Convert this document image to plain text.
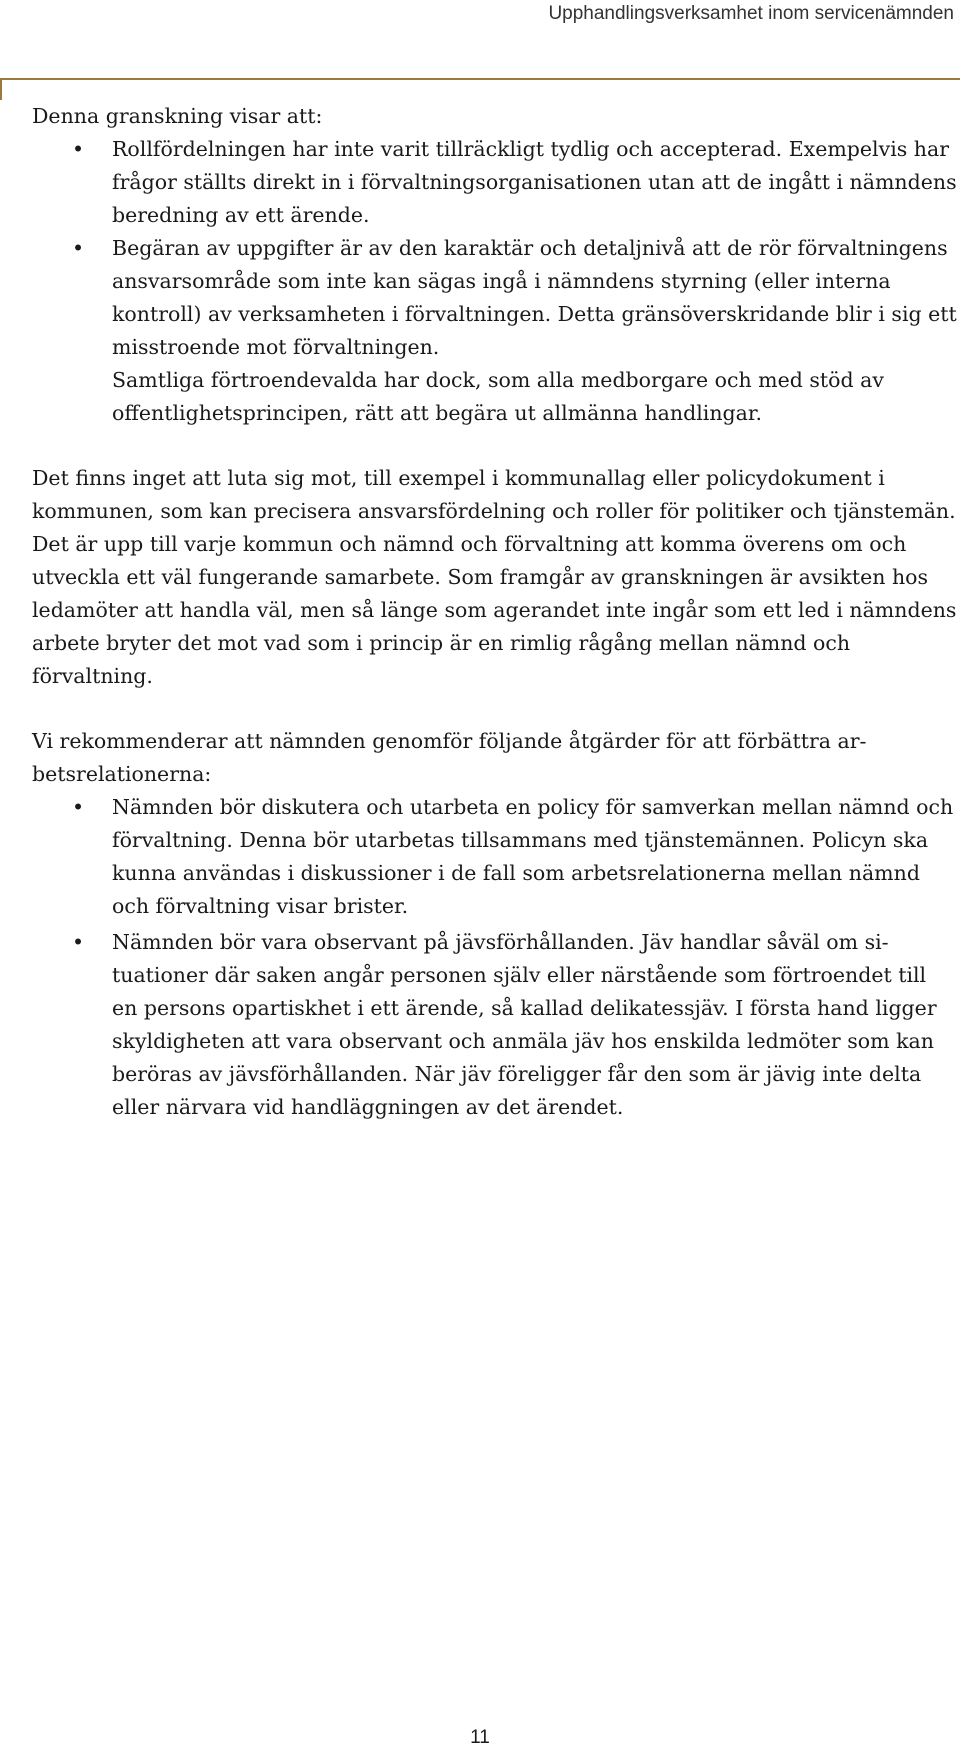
Upphandlingsverksamhet inom servicenämnden

Denna granskning visar att:

• Rollfördelningen har inte varit tillräckligt tydlig och accepterad. Exempelvis har frågor ställts direkt in i förvaltningsorganisationen utan att de ingått i nämndens beredning av ett ärende.
• Begäran av uppgifter är av den karaktär och detaljnivå att de rör förvaltningens ansvarsområde som inte kan sägas ingå i nämndens styrning (eller interna kontroll) av verksamheten i förvaltningen. Detta gränsöverskridande blir i sig ett misstroende mot förvaltningen.
Samtliga förtroendevalda har dock, som alla medborgare och med stöd av offentlighetsprincipen, rätt att begära ut allmänna handlingar.

Det finns inget att luta sig mot, till exempel i kommunallag eller policydokument i kommunen, som kan precisera ansvarsfördelning och roller för politiker och tjänstemän. Det är upp till varje kommun och nämnd och förvaltning att komma överens om och utveckla ett väl fungerande samarbete. Som framgår av granskningen är avsikten hos ledamöter att handla väl, men så länge som agerandet inte ingår som ett led i nämndens arbete bryter det mot vad som i princip är en rimlig rågång mellan nämnd och förvaltning.

Vi rekommenderar att nämnden genomför följande åtgärder för att förbättra arbetsrelationerna:

• Nämnden bör diskutera och utarbeta en policy för samverkan mellan nämnd och förvaltning. Denna bör utarbetas tillsammans med tjänstemännen. Policyn ska kunna användas i diskussioner i de fall som arbetsrelationerna mellan nämnd och förvaltning visar brister.
• Nämnden bör vara observant på jävsförhållanden. Jäv handlar såväl om situationer där saken angår personen själv eller närstående som förtroendet till en persons opartiskhet i ett ärende, så kallad delikatessjäv. I första hand ligger skyldigheten att vara observant och anmäla jäv hos enskilda ledmöter som kan beröras av jävsförhållanden. När jäv föreligger får den som är jävig inte delta eller närvara vid handläggningen av det ärendet.
11
